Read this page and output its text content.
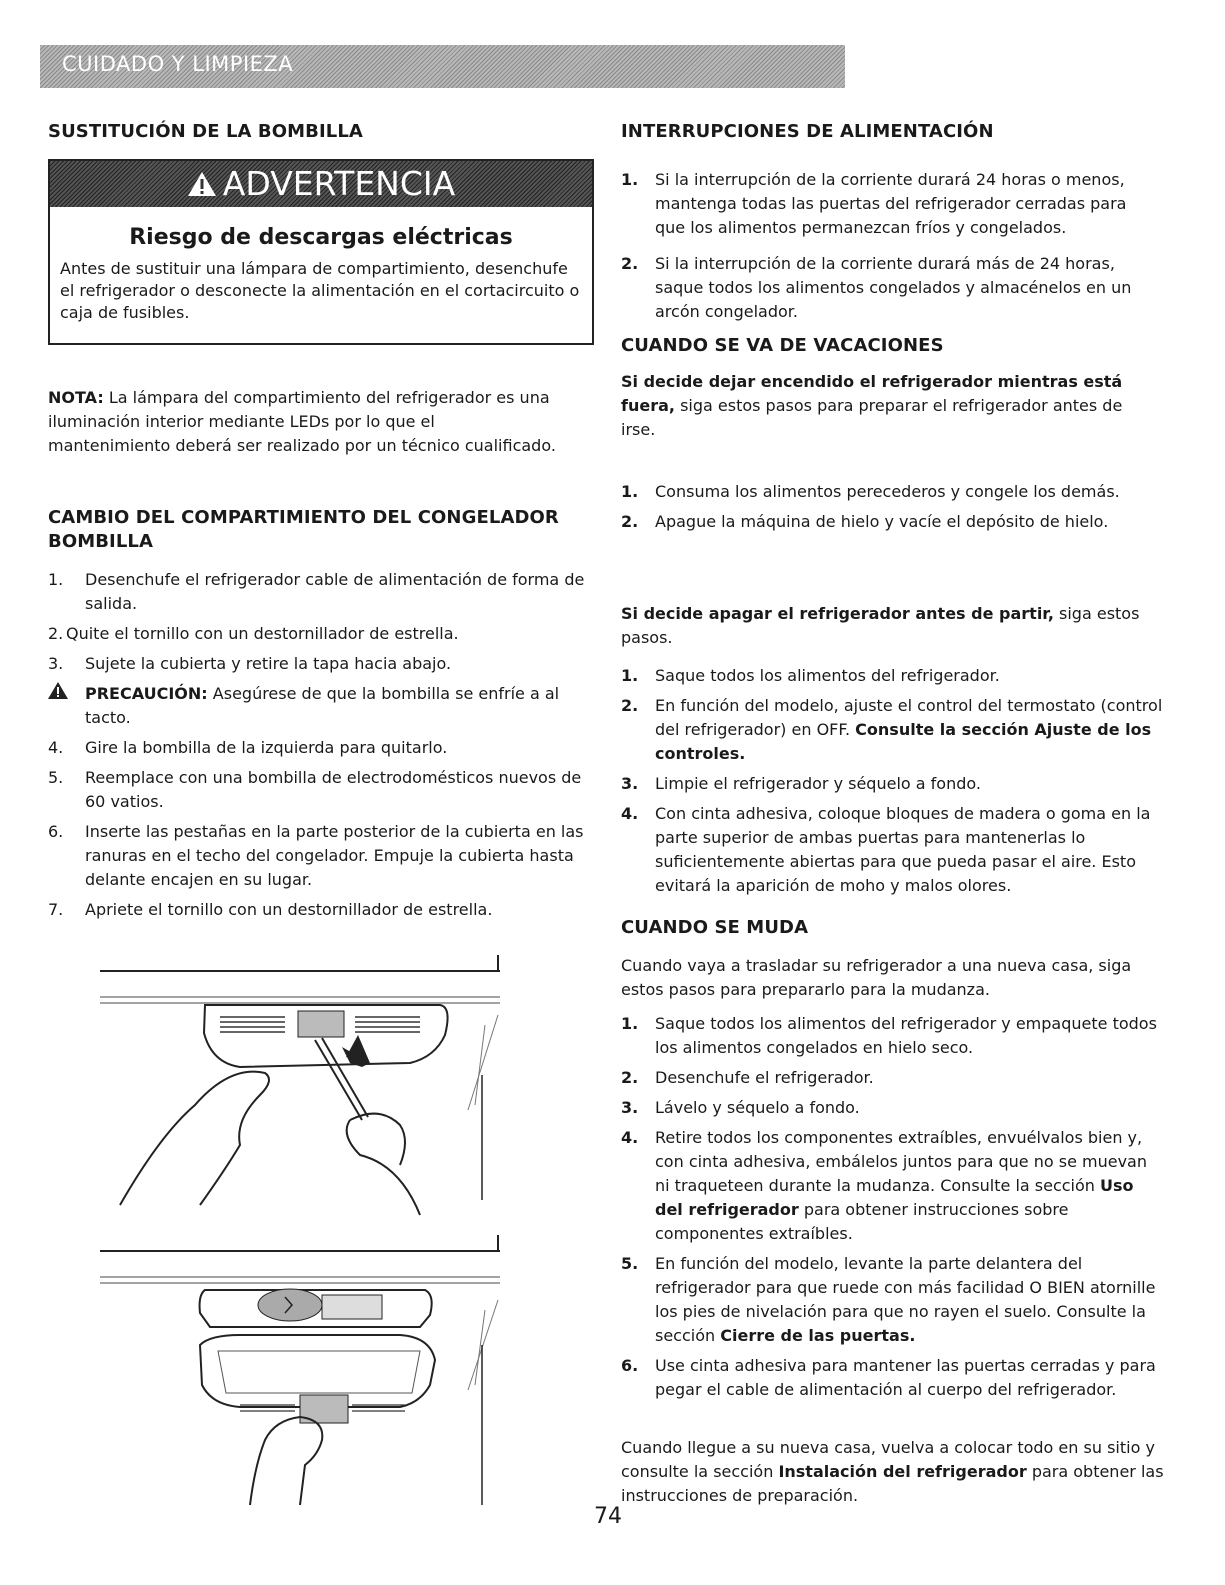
CUIDADO Y LIMPIEZA
SUSTITUCIÓN DE LA BOMBILLA
ADVERTENCIA
Riesgo de descargas eléctricas
Antes de sustituir una lámpara de compartimiento, desenchufe el refrigerador o desconecte la alimentación en el cortacircuito o caja de fusibles.

NOTA: La lámpara del compartimiento del refrigerador es una iluminación interior mediante LEDs por lo que el mantenimiento deberá ser realizado por un técnico cualificado.

CAMBIO DEL COMPARTIMIENTO DEL CONGELADOR
BOMBILLA
1. Desenchufe el refrigerador cable de alimentación de forma de salida.
2. Quite el tornillo con un destornillador de estrella.
3. Sujete la cubierta y retire la tapa hacia abajo.
PRECAUCIÓN: Asegúrese de que la bombilla se enfríe a al tacto.
4. Gire la bombilla de la izquierda para quitarlo.
5. Reemplace con una bombilla de electrodomésticos nuevos de 60 vatios.
6. Inserte las pestañas en la parte posterior de la cubierta en las ranuras en el techo del congelador. Empuje la cubierta hasta delante encajen en su lugar.
7. Apriete el tornillo con un destornillador de estrella.
INTERRUPCIONES DE ALIMENTACIÓN
1. Si la interrupción de la corriente durará 24 horas o menos, mantenga todas las puertas del refrigerador cerradas para que los alimentos permanezcan fríos y congelados.
2. Si la interrupción de la corriente durará más de 24 horas, saque todos los alimentos congelados y almacénelos en un arcón congelador.
CUANDO SE VA DE VACACIONES

Si decide dejar encendido el refrigerador mientras está fuera, siga estos pasos para preparar el refrigerador antes de irse.

1. Consuma los alimentos perecederos y congele los demás.
2. Apague la máquina de hielo y vacíe el depósito de hielo.

Si decide apagar el refrigerador antes de partir, siga estos pasos.

1. Saque todos los alimentos del refrigerador.
2. En función del modelo, ajuste el control del termostato (control del refrigerador) en OFF. Consulte la sección Ajuste de los controles.
3. Limpie el refrigerador y séquelo a fondo.
4. Con cinta adhesiva, coloque bloques de madera o goma en la parte superior de ambas puertas para mantenerlas lo suficientemente abiertas para que pueda pasar el aire. Esto evitará la aparición de moho y malos olores.
CUANDO SE MUDA

Cuando vaya a trasladar su refrigerador a una nueva casa, siga estos pasos para prepararlo para la mudanza.

1. Saque todos los alimentos del refrigerador y empaquete todos los alimentos congelados en hielo seco.
2. Desenchufe el refrigerador.
3. Lávelo y séquelo a fondo.
4. Retire todos los componentes extraíbles, envuélvalos bien y, con cinta adhesiva, embálelos juntos para que no se muevan ni traqueteen durante la mudanza. Consulte la sección Uso del refrigerador para obtener instrucciones sobre componentes extraíbles.
5. En función del modelo, levante la parte delantera del refrigerador para que ruede con más facilidad O BIEN atornille los pies de nivelación para que no rayen el suelo. Consulte la sección Cierre de las puertas.
6. Use cinta adhesiva para mantener las puertas cerradas y para pegar el cable de alimentación al cuerpo del refrigerador.

Cuando llegue a su nueva casa, vuelva a colocar todo en su sitio y consulte la sección Instalación del refrigerador para obtener las instrucciones de preparación.

74
